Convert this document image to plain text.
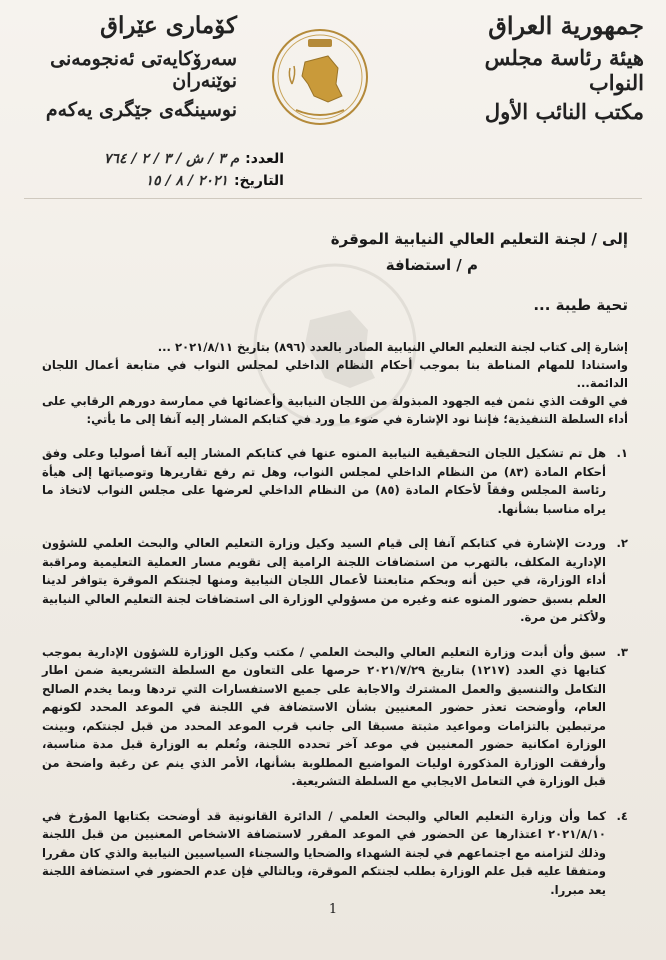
جمهورية العراق
هيئة رئاسة مجلس النواب
مكتب النائب الأول
كۆماری عێراق
سەرۆکایەتی ئەنجومەنی نوێنەران
نوسینگەی جێگری یەکەم
العدد:م ٣ / ش / ٣ / ٢ / ٧٦٤
التاريخ:٢٠٢١ / ٨ / ١٥
إلى / لجنة التعليم العالي النيابية الموقرة
م / استضافة
تحية طيبة ...

إشارة إلى كتاب لجنة التعليم العالي النيابية الصادر بالعدد (٨٩٦) بتاريخ ٢٠٢١/٨/١١ ...

واستنادا للمهام المناطة بنا بموجب أحكام النظام الداخلي لمجلس النواب في متابعة أعمال اللجان الدائمة...

في الوقت الذي نثمن فيه الجهود المبذولة من اللجان النيابية وأعضائها في ممارسة دورهم الرقابي على أداء السلطة التنفيذية؛ فإننا نود الإشارة في ضوء ما ورد في كتابكم المشار إليه آنفا إلى ما يأتي:

١.
هل تم تشكيل اللجان التحقيقية النيابية المنوه عنها في كتابكم المشار إليه آنفا أصوليا وعلى وفق أحكام المادة (٨٣) من النظام الداخلي لمجلس النواب، وهل تم رفع تقاريرها وتوصياتها إلى هيأة رئاسة المجلس وفقاً لأحكام المادة (٨٥) من النظام الداخلي لعرضها على مجلس النواب لاتخاذ ما يراه مناسبا بشأنها.
٢.
وردت الإشارة في كتابكم آنفا إلى قيام السيد وكيل وزارة التعليم العالي والبحث العلمي للشؤون الإدارية المكلف، بالتهرب من استضافات اللجنة الرامية إلى تقويم مسار العملية التعليمية ومراقبة أداء الوزارة، في حين أنه وبحكم متابعتنا لأعمال اللجان النيابية ومنها لجنتكم الموقرة يتوافر لدينا العلم بسبق حضور المنوه عنه وغيره من مسؤولي الوزارة الى استضافات لجنة التعليم العالي النيابية ولأكثر من مرة.
٣.
سبق وأن أبدت وزارة التعليم العالي والبحث العلمي / مكتب وكيل الوزارة للشؤون الإدارية بموجب كتابها ذي العدد (١٢١٧) بتاريخ ٢٠٢١/٧/٢٩ حرصها على التعاون مع السلطة التشريعية ضمن اطار التكامل والتنسيق والعمل المشترك والاجابة على جميع الاستفسارات التي تردها وبما يخدم الصالح العام، وأوضحت تعذر حضور المعنيين بشأن الاستضافة في اللجنة في الموعد المحدد لكونهم مرتبطين بالتزامات ومواعيد مثبتة مسبقا الى جانب قرب الموعد المحدد من قبل لجنتكم، وبينت الوزارة امكانية حضور المعنيين في موعد آخر تحدده اللجنة، وتُعلم به الوزارة قبل مدة مناسبة، وأرفقت الوزارة المذكورة اوليات المواضيع المطلوبة بشأنها، الأمر الذي ينم عن رغبة واضحة من قبل الوزارة في التعامل الايجابي مع السلطة التشريعية.
٤.
كما وأن وزارة التعليم العالي والبحث العلمي / الدائرة القانونية قد أوضحت بكتابها المؤرخ في ٢٠٢١/٨/١٠ اعتذارها عن الحضور في الموعد المقرر لاستضافة الاشخاص المعنيين من قبل اللجنة وذلك لتزامنه مع اجتماعهم في لجنة الشهداء والضحايا والسجناء السياسيين النيابية والذي كان مقررا ومتفقا عليه قبل علم الوزارة بطلب لجنتكم الموقرة، وبالتالي فإن عدم الحضور في استضافة اللجنة يعد مبررا.
1
